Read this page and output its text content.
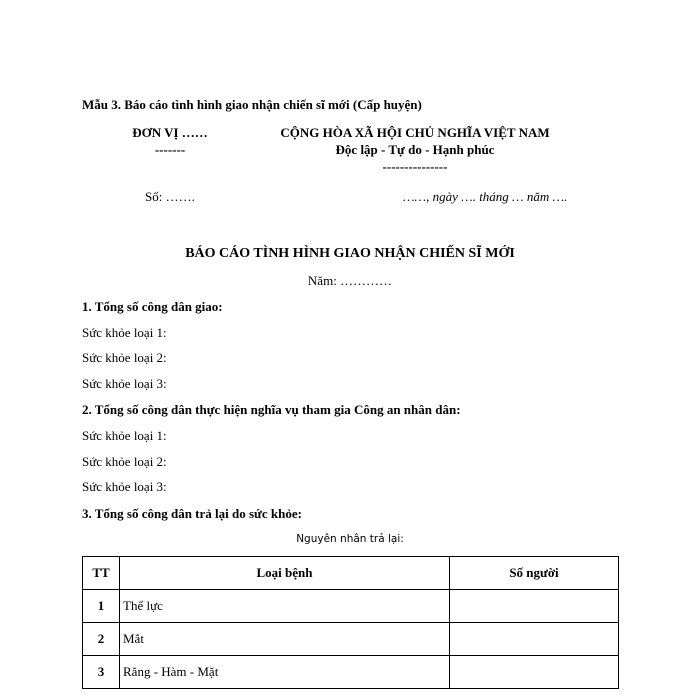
Mẫu 3. Báo cáo tình hình giao nhận chiến sĩ mới (Cấp huyện)
ĐƠN VỊ ……
-------
CỘNG HÒA XÃ HỘI CHỦ NGHĨA VIỆT NAM
Độc lập - Tự do - Hạnh phúc
---------------
Số: …….	……, ngày …. tháng … năm ….
BÁO CÁO TÌNH HÌNH GIAO NHẬN CHIẾN SĨ MỚI
Năm: …………
1. Tổng số công dân giao:
Sức khỏe loại 1:
Sức khỏe loại 2:
Sức khỏe loại 3:
2. Tổng số công dân thực hiện nghĩa vụ tham gia Công an nhân dân:
Sức khỏe loại 1:
Sức khỏe loại 2:
Sức khỏe loại 3:
3. Tổng số công dân trả lại do sức khỏe:
Nguyên nhân trả lại:
TT	Loại bệnh	Số người
1	Thể lực	
2	Mắt	
3	Răng - Hàm - Mặt	
